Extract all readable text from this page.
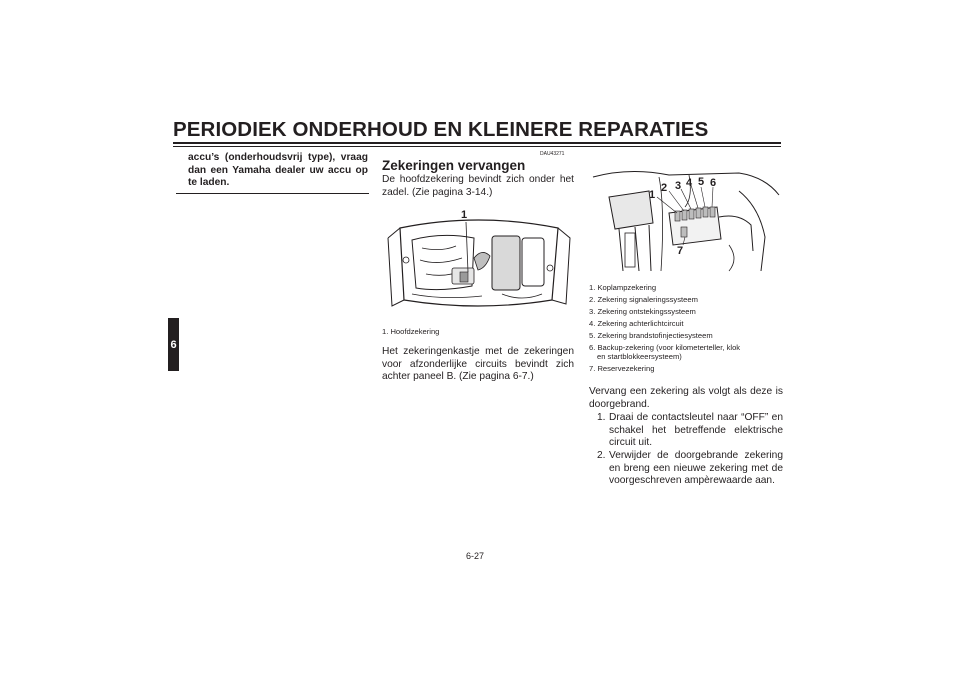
PERIODIEK ONDERHOUD EN KLEINERE REPARATIES
6
accu’s (onderhoudsvrij type), vraag dan een Yamaha dealer uw accu op te laden.
DAU43271
Zekeringen vervangen
De hoofdzekering bevindt zich onder het zadel. (Zie pagina 3-14.)
1
1. Hoofdzekering
Het zekeringenkastje met de zekeringen voor afzonderlijke circuits bevindt zich achter paneel B. (Zie pagina 6-7.)
1
2 3 4 5 6
7
1. Koplampzekering
2. Zekering signaleringssysteem
3. Zekering ontstekingssysteem
4. Zekering achterlichtcircuit
5. Zekering brandstofinjectiesysteem
6. Backup-zekering (voor kilometerteller, klok
en startblokkeersysteem)
7. Reservezekering
Vervang een zekering als volgt als deze is doorgebrand.
1. Draai de contactsleutel naar “OFF” en schakel het betreffende elektrische circuit uit.
2. Verwijder de doorgebrande zekering en breng een nieuwe zekering met de voorgeschreven ampèrewaarde aan.
6-27
